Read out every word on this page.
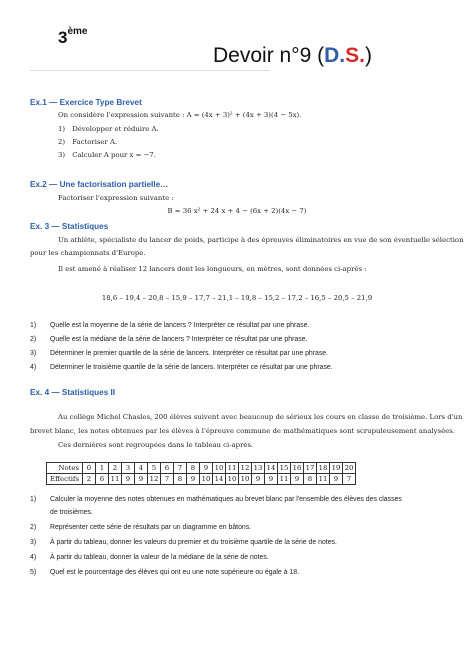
3ème
Devoir n°9 (D.S.)
Ex.1 — Exercice Type Brevet
On considère l'expression suivante : A = (4x + 3)² + (4x + 3)(4 − 5x).
1) Développer et réduire A.
2) Factoriser A.
3) Calculer A pour x = −7.
Ex.2 — Une factorisation partielle…
Factoriser l'expression suivante :
B = 36 x² + 24 x + 4 − (6x + 2)(4x − 7)
Ex. 3 — Statistiques
Un athlète, spécialiste du lancer de poids, participe à des épreuves éliminatoires en vue de son éventuelle sélection
pour les championnats d'Europe.
Il est amené à réaliser 12 lancers dont les longueurs, en mètres, sont données ci-après :
18,6 – 19,4 – 20,8 – 15,9 – 17,7 – 21,1 – 19,8 – 15,2 – 17,2 – 16,5 – 20,5 – 21,9
1) Quelle est la moyenne de la série de lancers ? Interpréter ce résultat par une phrase.
2) Quelle est la médiane de la série de lancers ? Interpréter ce résultat par une phrase.
3) Déterminer le premier quartile de la série de lancers. Interpréter ce résultat par une phrase.
4) Déterminer le troisième quartile de la série de lancers. Interpréter ce résultat par une phrase.
Ex. 4 — Statistiques II
Au collège Michel Chasles, 200 élèves suivent avec beaucoup de sérieux les cours en classe de troisième. Lors d'un
brevet blanc, les notes obtenues par les élèves à l'épreuve commune de mathématiques sont scrupuleusement analysées.
Ces dernières sont regroupées dans le tableau ci-après.
Notes	0	1	2	3	4	5	6	7	8	9	10	11	12	13	14	15	16	17	18	19	20
Effectifs	2	6	11	9	9	12	7	8	9	10	14	10	10	9	9	11	9	8	11	9	7
1) Calculer la moyenne des notes obtenues en mathématiques au brevet blanc par l'ensemble des élèves des classes
de troisièmes.
2) Représenter cette série de résultats par un diagramme en bâtons.
3) À partir du tableau, donner les valeurs du premier et du troisième quartile de la série de notes.
4) À partir du tableau, donner la valeur de la médiane de la série de notes.
5) Quel est le pourcentage des élèves qui ont eu une note supérieure ou égale à 18.
